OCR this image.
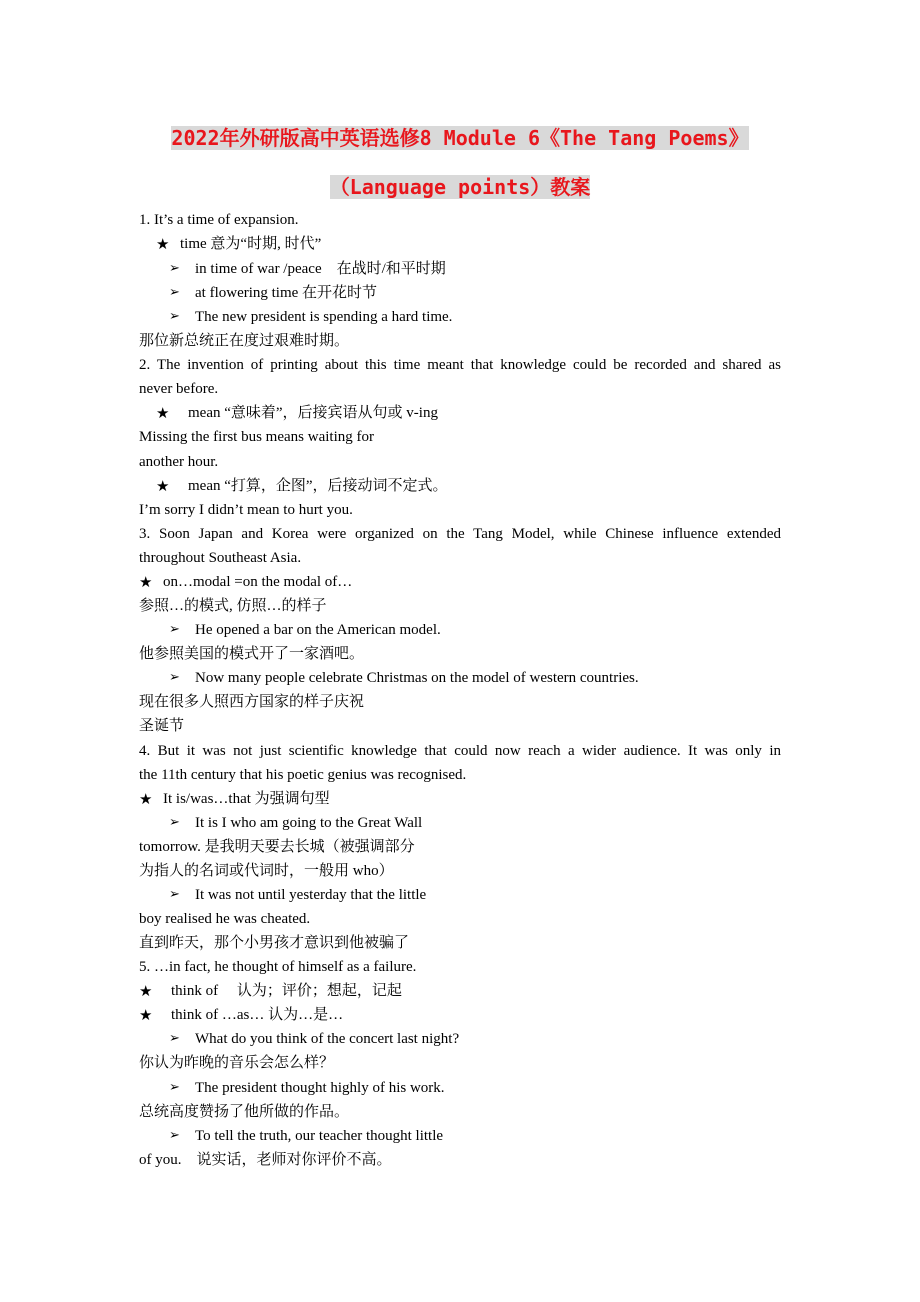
2022年外研版高中英语选修8 Module 6《The Tang Poems》
（Language points）教案
1. It’s a time of expansion.
★ time 意为“时期, 时代”
➢ in time of war /peace　在战时/和平时期
➢ at flowering time 在开花时节
➢ The new president is spending a hard time.
那位新总统正在度过艰难时期。
2. The invention of printing about this time meant that knowledge could be recorded and shared as
never before.
★ mean “意味着”，后接宾语从句或 v-ing
Missing the first bus means waiting for
another hour.
★ mean “打算，企图”，后接动词不定式。
I’m sorry I didn’t mean to hurt you.
3. Soon Japan and Korea were organized on the Tang Model, while Chinese influence extended
throughout Southeast Asia.
★ on…modal =on the modal of…
参照…的模式, 仿照…的样子
➢ He opened a bar on the American model.
他参照美国的模式开了一家酒吧。
➢ Now many people celebrate Christmas on the model of western countries.
现在很多人照西方国家的样子庆祝
圣诞节
4. But it was not just scientific knowledge that could now reach a wider audience. It was only in
the 11th century that his poetic genius was recognised.
★ It is/was…that 为强调句型
➢ It is I who am going to the Great Wall
tomorrow. 是我明天要去长城（被强调部分
为指人的名词或代词时，一般用 who）
➢ It was not until yesterday that the little
boy realised he was cheated.
直到昨天，那个小男孩才意识到他被骗了
5. …in fact, he thought of himself as a failure.
★ think of　 认为；评价；想起，记起
★ think of …as… 认为…是…
➢ What do you think of the concert last night?
你认为昨晚的音乐会怎么样？
➢ The president thought highly of his work.
总统高度赞扬了他所做的作品。
➢ To tell the truth, our teacher thought little
of you.　说实话，老师对你评价不高。
